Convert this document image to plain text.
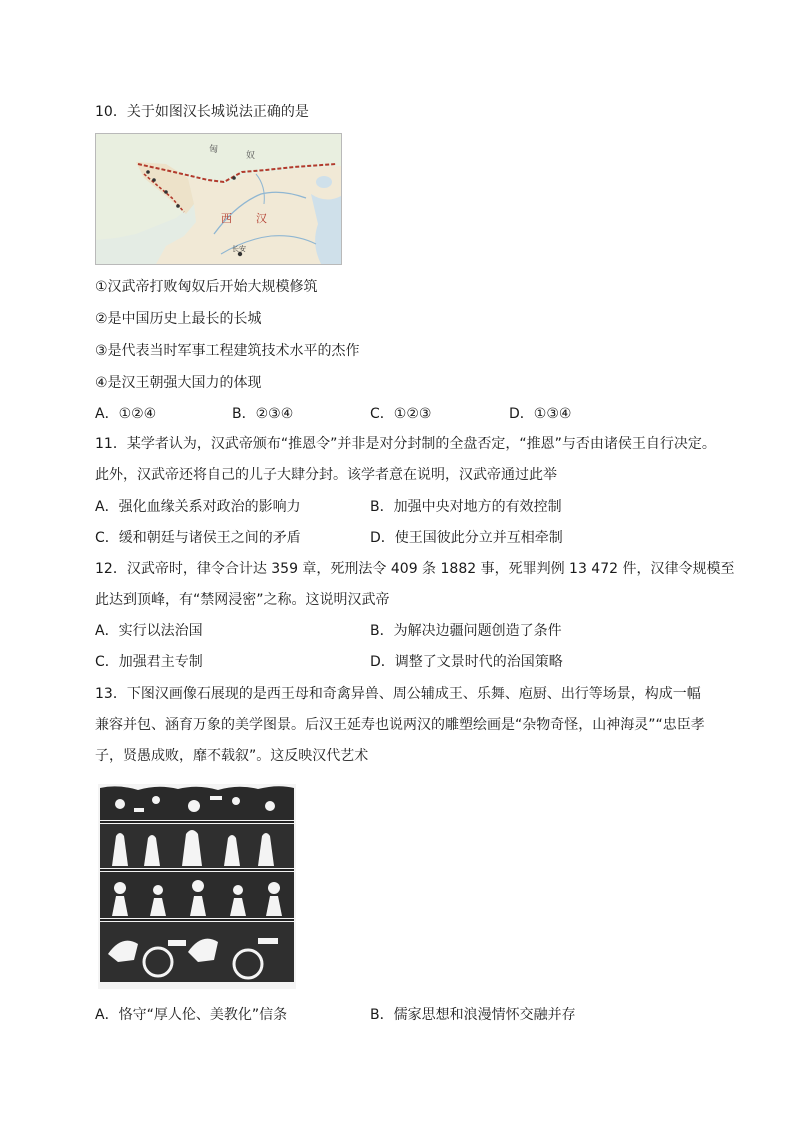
10．关于如图汉长城说法正确的是
匈
奴
西 汉
长安
①汉武帝打败匈奴后开始大规模修筑
②是中国历史上最长的长城
③是代表当时军事工程建筑技术水平的杰作
④是汉王朝强大国力的体现
A．①②④	B．②③④	C．①②③	D．①③④
11．某学者认为，汉武帝颁布“推恩令”并非是对分封制的全盘否定，“推恩”与否由诸侯王自行决定。
此外，汉武帝还将自己的儿子大肆分封。该学者意在说明，汉武帝通过此举
A．强化血缘关系对政治的影响力	B．加强中央对地方的有效控制
C．缓和朝廷与诸侯王之间的矛盾	D．使王国彼此分立并互相牵制
12．汉武帝时，律令合计达 359 章，死刑法令 409 条 1882 事，死罪判例 13 472 件，汉律令规模至
此达到顶峰，有“禁网浸密”之称。这说明汉武帝
A．实行以法治国	B．为解决边疆问题创造了条件
C．加强君主专制	D．调整了文景时代的治国策略
13．下图汉画像石展现的是西王母和奇禽异兽、周公辅成王、乐舞、庖厨、出行等场景，构成一幅
兼容并包、涵育万象的美学图景。后汉王延寿也说两汉的雕塑绘画是“杂物奇怪，山神海灵”“忠臣孝
子，贤愚成败，靡不载叙”。这反映汉代艺术
A．恪守“厚人伦、美教化”信条	B．儒家思想和浪漫情怀交融并存
